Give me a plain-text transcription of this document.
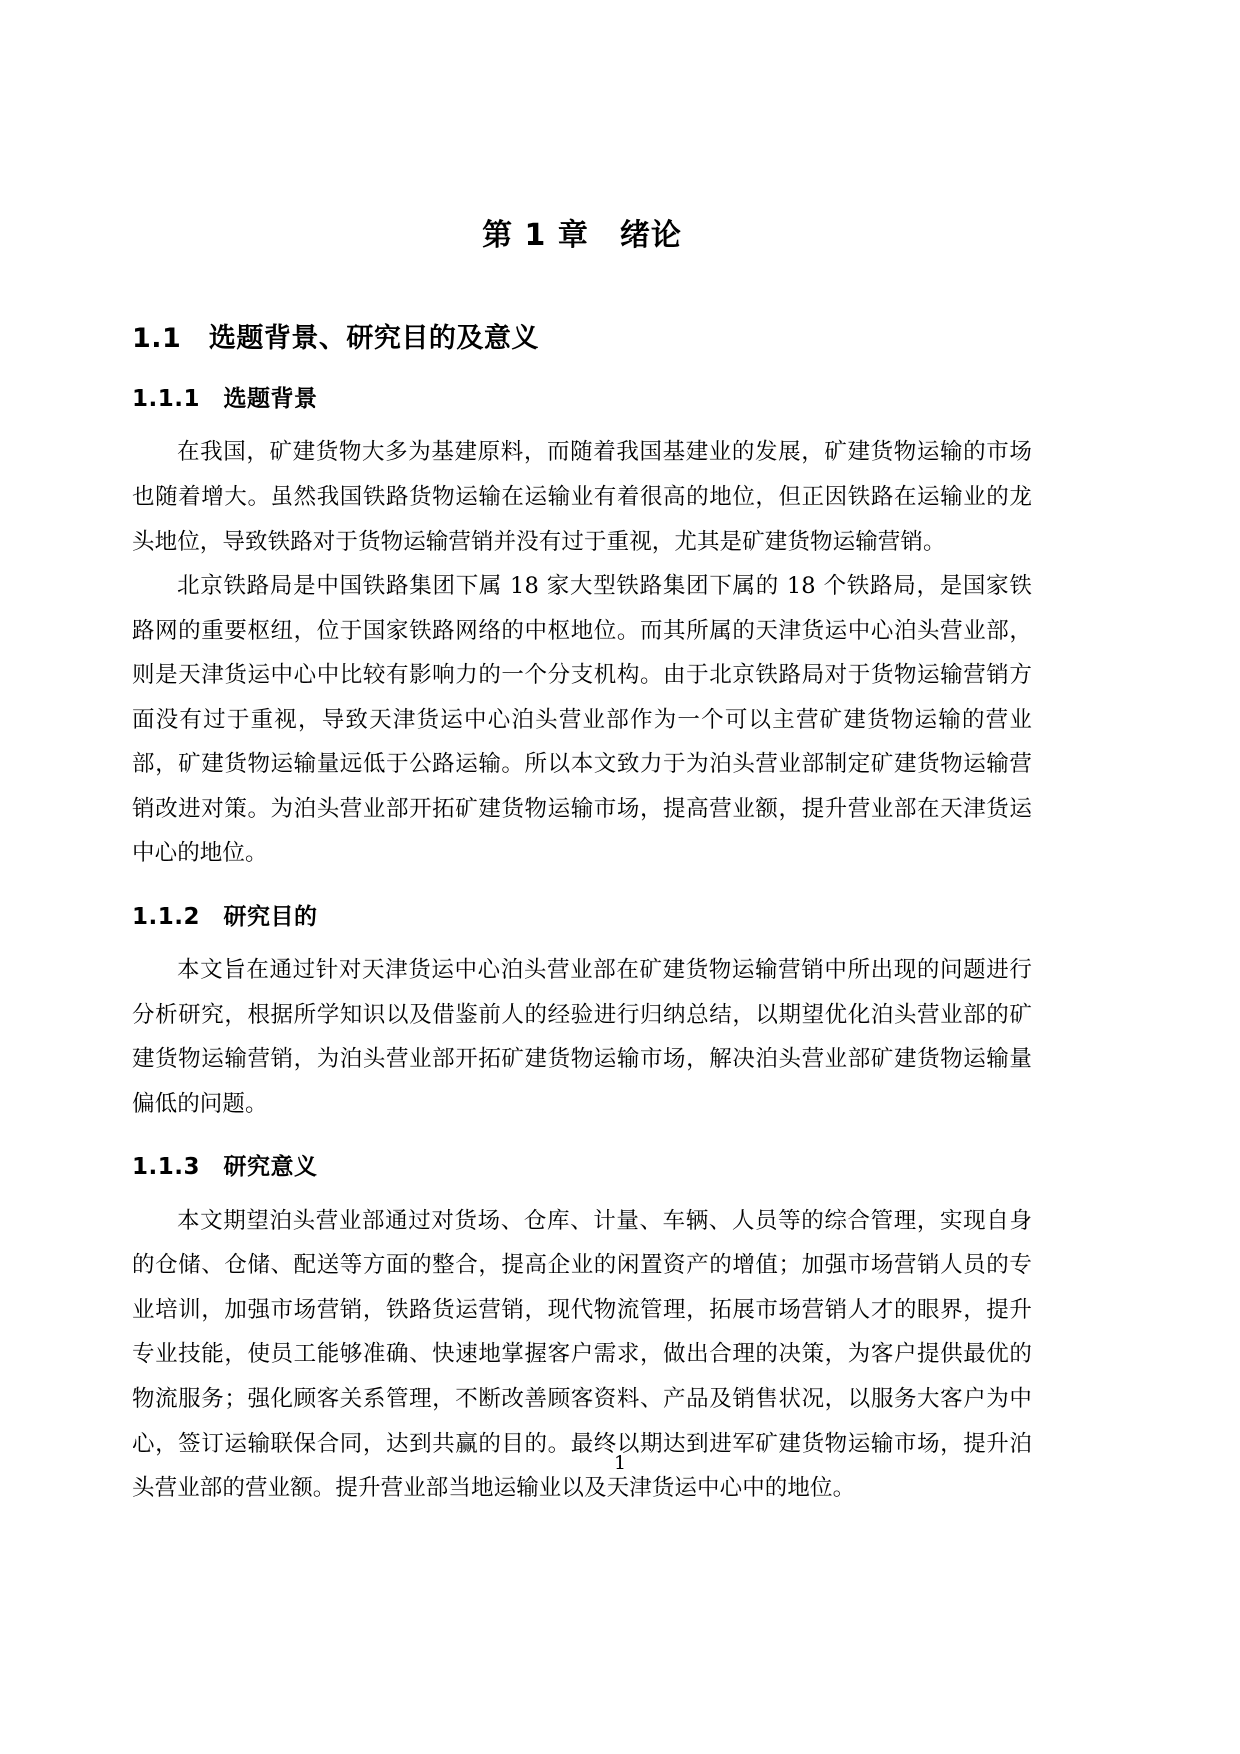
第 1 章　绪论
1.1　选题背景、研究目的及意义
1.1.1　选题背景

在我国，矿建货物大多为基建原料，而随着我国基建业的发展，矿建货物运输的市场也随着增大。虽然我国铁路货物运输在运输业有着很高的地位，但正因铁路在运输业的龙头地位，导致铁路对于货物运输营销并没有过于重视，尤其是矿建货物运输营销。

北京铁路局是中国铁路集团下属 18 家大型铁路集团下属的 18 个铁路局，是国家铁路网的重要枢纽，位于国家铁路网络的中枢地位。而其所属的天津货运中心泊头营业部，则是天津货运中心中比较有影响力的一个分支机构。由于北京铁路局对于货物运输营销方面没有过于重视，导致天津货运中心泊头营业部作为一个可以主营矿建货物运输的营业部，矿建货物运输量远低于公路运输。所以本文致力于为泊头营业部制定矿建货物运输营销改进对策。为泊头营业部开拓矿建货物运输市场，提高营业额，提升营业部在天津货运中心的地位。

1.1.2　研究目的

本文旨在通过针对天津货运中心泊头营业部在矿建货物运输营销中所出现的问题进行分析研究，根据所学知识以及借鉴前人的经验进行归纳总结，以期望优化泊头营业部的矿建货物运输营销，为泊头营业部开拓矿建货物运输市场，解决泊头营业部矿建货物运输量偏低的问题。

1.1.3　研究意义

本文期望泊头营业部通过对货场、仓库、计量、车辆、人员等的综合管理，实现自身的仓储、仓储、配送等方面的整合，提高企业的闲置资产的增值；加强市场营销人员的专业培训，加强市场营销，铁路货运营销，现代物流管理，拓展市场营销人才的眼界，提升专业技能，使员工能够准确、快速地掌握客户需求，做出合理的决策，为客户提供最优的物流服务；强化顾客关系管理，不断改善顾客资料、产品及销售状况，以服务大客户为中心，签订运输联保合同，达到共赢的目的。最终以期达到进军矿建货物运输市场，提升泊头营业部的营业额。提升营业部当地运输业以及天津货运中心中的地位。

1
